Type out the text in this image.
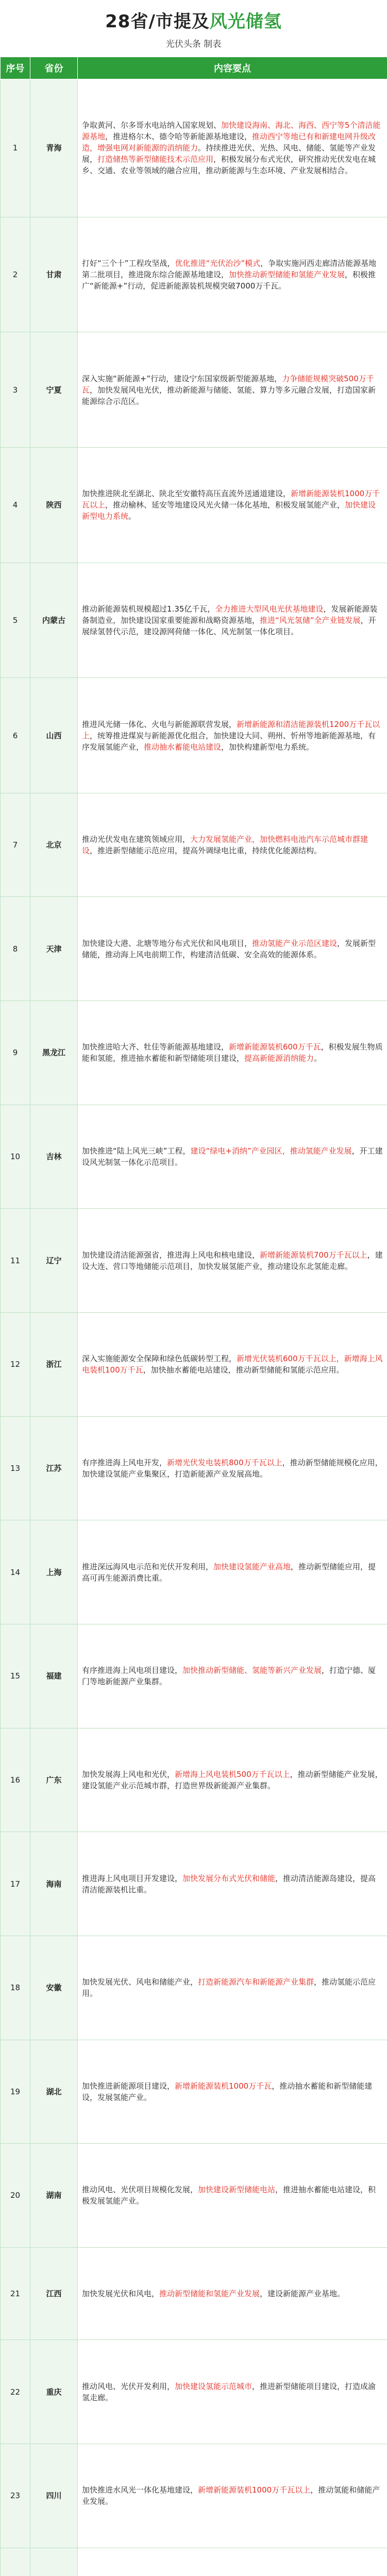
28省/市提及风光储氢
光伏头条 制表
序号	省份	内容要点
1	青海	争取黄河、尔多哥水电站纳入国家规划、加快建设海南、海北、海西、西宁等5个清洁能源基地，推进格尔木、德令哈等新能源基地建设，推动西宁等地已有和新建电网升级改造，增强电网对新能源的消纳能力。持续推进光伏、光热、风电、储能、氢能等产业发展，打造储热等新型储能技术示范应用，积极发展分布式光伏，研究推动光伏发电在城乡、交通、农业等领域的融合应用，推动新能源与生态环境、产业发展相结合。
2	甘肃	打好“三个十”工程攻坚战，优化推进“光伏治沙”模式，争取实施河西走廊清洁能源基地第二批项目，推进陇东综合能源基地建设，加快推动新型储能和氢能产业发展，积极推广“新能源+”行动，促进新能源装机规模突破7000万千瓦。
3	宁夏	深入实施“新能源+”行动，建设宁东国家级新型能源基地，力争储能规模突破500万千瓦，加快发展风电光伏，推动新能源与储能、氢能、算力等多元融合发展，打造国家新能源综合示范区。
4	陕西	加快推进陕北至湖北、陕北至安徽特高压直流外送通道建设，新增新能源装机1000万千瓦以上，推动榆林、延安等地建设风光火储一体化基地，积极发展氢能产业，加快建设新型电力系统。
5	内蒙古	推动新能源装机规模超过1.35亿千瓦，全力推进大型风电光伏基地建设，发展新能源装备制造业，加快建设国家重要能源和战略资源基地，推进“风光氢储”全产业链发展，开展绿氢替代示范，建设源网荷储一体化、风光制氢一体化项目。
6	山西	推进风光储一体化、火电与新能源联营发展，新增新能源和清洁能源装机1200万千瓦以上，统筹推进煤炭与新能源优化组合，加快建设大同、朔州、忻州等地新能源基地，有序发展氢能产业，推动抽水蓄能电站建设，加快构建新型电力系统。
7	北京	推动光伏发电在建筑领域应用，大力发展氢能产业，加快燃料电池汽车示范城市群建设，推进新型储能示范应用，提高外调绿电比重，持续优化能源结构。
8	天津	加快建设大港、北塘等地分布式光伏和风电项目，推动氢能产业示范区建设，发展新型储能，推动海上风电前期工作，构建清洁低碳、安全高效的能源体系。
9	黑龙江	加快推进哈大齐、牡佳等新能源基地建设，新增新能源装机600万千瓦，积极发展生物质能和氢能，推进抽水蓄能和新型储能项目建设，提高新能源消纳能力。
10	吉林	加快推进“陆上风光三峡”工程，建设“绿电+消纳”产业园区，推动氢能产业发展，开工建设风光制氢一体化示范项目。
11	辽宁	加快建设清洁能源强省，推进海上风电和核电建设，新增新能源装机700万千瓦以上，建设大连、营口等地储能示范项目，加快发展氢能产业，推动建设东北氢能走廊。
12	浙江	深入实施能源安全保障和绿色低碳转型工程，新增光伏装机600万千瓦以上，新增海上风电装机100万千瓦，加快抽水蓄能电站建设，推动新型储能和氢能示范应用。
13	江苏	有序推进海上风电开发，新增光伏发电装机800万千瓦以上，推动新型储能规模化应用，加快建设氢能产业集聚区，打造新能源产业发展高地。
14	上海	推进深远海风电示范和光伏开发利用，加快建设氢能产业高地，推动新型储能应用，提高可再生能源消费比重。
15	福建	有序推进海上风电项目建设，加快推动新型储能、氢能等新兴产业发展，打造宁德、厦门等地新能源产业集群。
16	广东	加快发展海上风电和光伏，新增海上风电装机500万千瓦以上，推动新型储能产业发展，建设氢能产业示范城市群，打造世界级新能源产业集群。
17	海南	推进海上风电项目开发建设，加快发展分布式光伏和储能，推动清洁能源岛建设，提高清洁能源装机比重。
18	安徽	加快发展光伏、风电和储能产业，打造新能源汽车和新能源产业集群，推动氢能示范应用。
19	湖北	加快推进新能源项目建设，新增新能源装机1000万千瓦，推动抽水蓄能和新型储能建设，发展氢能产业。
20	湖南	推动风电、光伏项目规模化发展，加快建设新型储能电站，推进抽水蓄能电站建设，积极发展氢能产业。
21	江西	加快发展光伏和风电，推动新型储能和氢能产业发展，建设新能源产业基地。
22	重庆	推动风电、光伏开发利用，加快建设氢能示范城市，推进新型储能项目建设，打造成渝氢走廊。
23	四川	加快推进水风光一体化基地建设，新增新能源装机1000万千瓦以上，推动氢能和储能产业发展。
